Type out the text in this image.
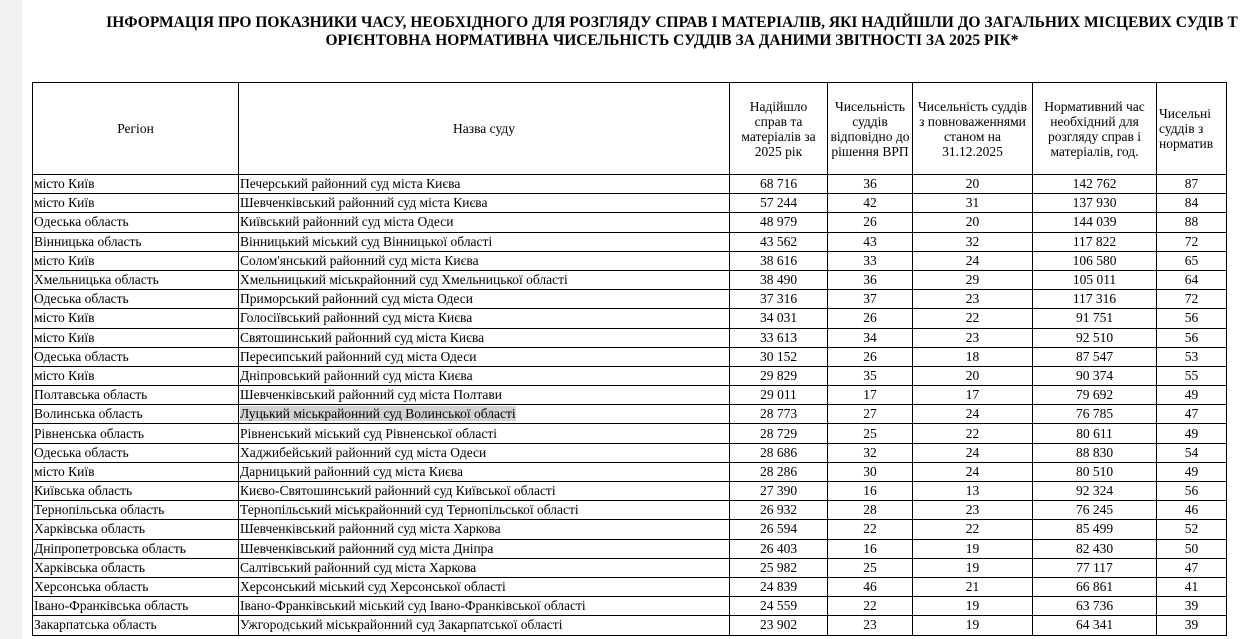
ІНФОРМАЦІЯ ПРО ПОКАЗНИКИ ЧАСУ, НЕОБХІДНОГО ДЛЯ РОЗГЛЯДУ СПРАВ І МАТЕРІАЛІВ, ЯКІ НАДІЙШЛИ ДО ЗАГАЛЬНИХ МІСЦЕВИХ СУДІВ Т
ОРІЄНТОВНА НОРМАТИВНА ЧИСЕЛЬНІСТЬ СУДДІВ ЗА ДАНИМИ ЗВІТНОСТІ ЗА 2025 РІК*
Регіон	Назва суду	Надійшло справ та матеріалів за 2025 рік	Чисельність суддів відповідно до рішення ВРП	Чисельність суддів з повноваженнями станом на 31.12.2025	Нормативний час необхідний для розгляду справ і матеріалів, год.	Чисельні суддів з норматив
місто Київ	Печерський районний суд міста Києва	68 716	36	20	142 762	87
місто Київ	Шевченківський районний суд міста Києва	57 244	42	31	137 930	84
Одеська область	Київський районний суд міста Одеси	48 979	26	20	144 039	88
Вінницька область	Вінницький міський суд Вінницької області	43 562	43	32	117 822	72
місто Київ	Солом'янський районний суд міста Києва	38 616	33	24	106 580	65
Хмельницька область	Хмельницький міськрайонний суд Хмельницької області	38 490	36	29	105 011	64
Одеська область	Приморський районний суд міста Одеси	37 316	37	23	117 316	72
місто Київ	Голосіївський районний суд міста Києва	34 031	26	22	91 751	56
місто Київ	Святошинський районний суд міста Києва	33 613	34	23	92 510	56
Одеська область	Пересипський районний суд міста Одеси	30 152	26	18	87 547	53
місто Київ	Дніпровський районний суд міста Києва	29 829	35	20	90 374	55
Полтавська область	Шевченківський районний суд міста Полтави	29 011	17	17	79 692	49
Волинська область	Луцький міськрайонний суд Волинської області	28 773	27	24	76 785	47
Рівненська область	Рівненський міський суд Рівненської області	28 729	25	22	80 611	49
Одеська область	Хаджибейський районний суд міста Одеси	28 686	32	24	88 830	54
місто Київ	Дарницький районний суд міста Києва	28 286	30	24	80 510	49
Київська область	Києво-Святошинський районний суд Київської області	27 390	16	13	92 324	56
Тернопільська область	Тернопільський міськрайонний суд Тернопільської області	26 932	28	23	76 245	46
Харківська область	Шевченківський районний суд міста Харкова	26 594	22	22	85 499	52
Дніпропетровська область	Шевченківський районний суд міста Дніпра	26 403	16	19	82 430	50
Харківська область	Салтівський районний суд міста Харкова	25 982	25	19	77 117	47
Херсонська область	Херсонський міський суд Херсонської області	24 839	46	21	66 861	41
Івано-Франківська область	Івано-Франківський міський суд Івано-Франківської області	24 559	22	19	63 736	39
Закарпатська область	Ужгородський міськрайонний суд Закарпатської області	23 902	23	19	64 341	39
